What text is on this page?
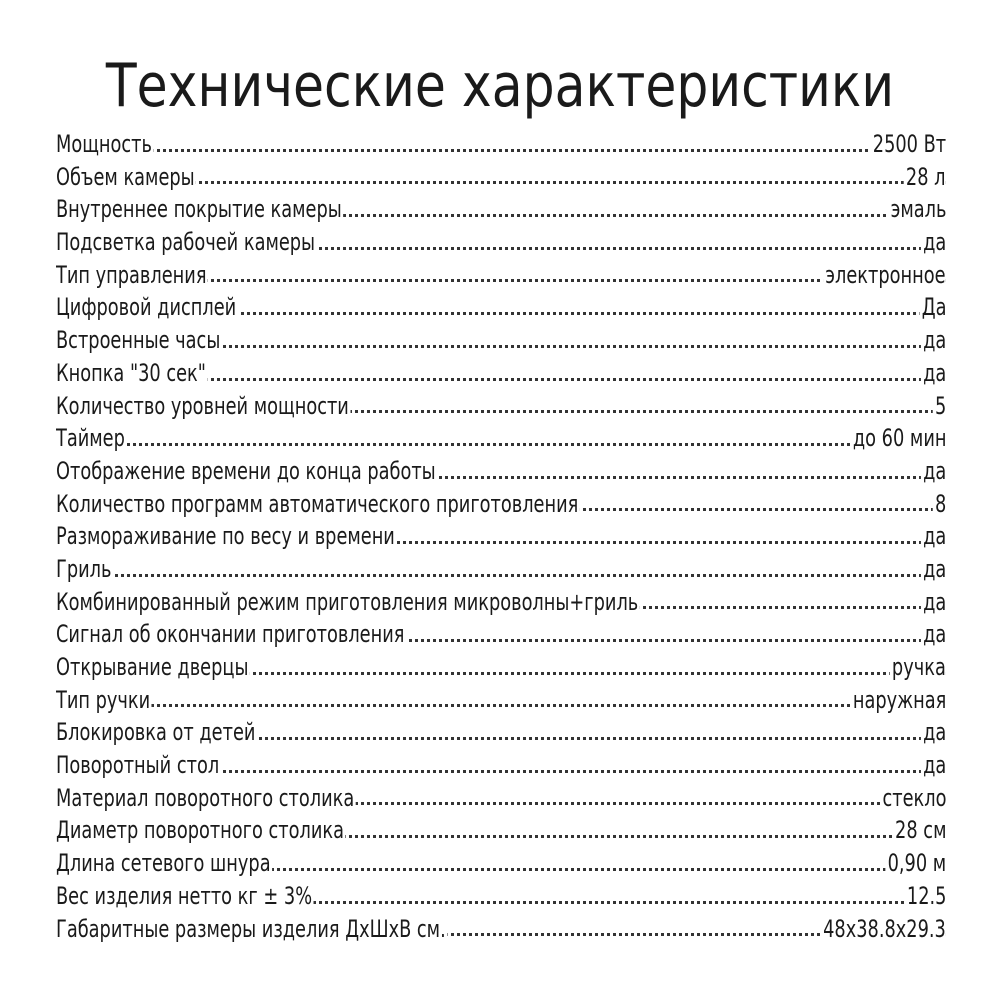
Технические характеристики
Мощность	2500 Вт
Объем камеры	28 л
Внутреннее покрытие камеры	эмаль
Подсветка рабочей камеры	да
Тип управления	электронное
Цифровой дисплей	Да
Встроенные часы	да
Кнопка "30 сек"	да
Количество уровней мощности	5
Таймер	до 60 мин
Отображение времени до конца работы	да
Количество программ автоматического приготовления	8
Размораживание по весу и времени	да
Гриль	да
Комбинированный режим приготовления микроволны+гриль	да
Сигнал об окончании приготовления	да
Открывание дверцы	ручка
Тип ручки	наружная
Блокировка от детей	да
Поворотный стол	да
Материал поворотного столика	стекло
Диаметр поворотного столика	28 см
Длина сетевого шнура	0,90 м
Вес изделия нетто кг ± 3%	12.5
Габаритные размеры изделия ДхШхВ см.	48x38.8x29.3
